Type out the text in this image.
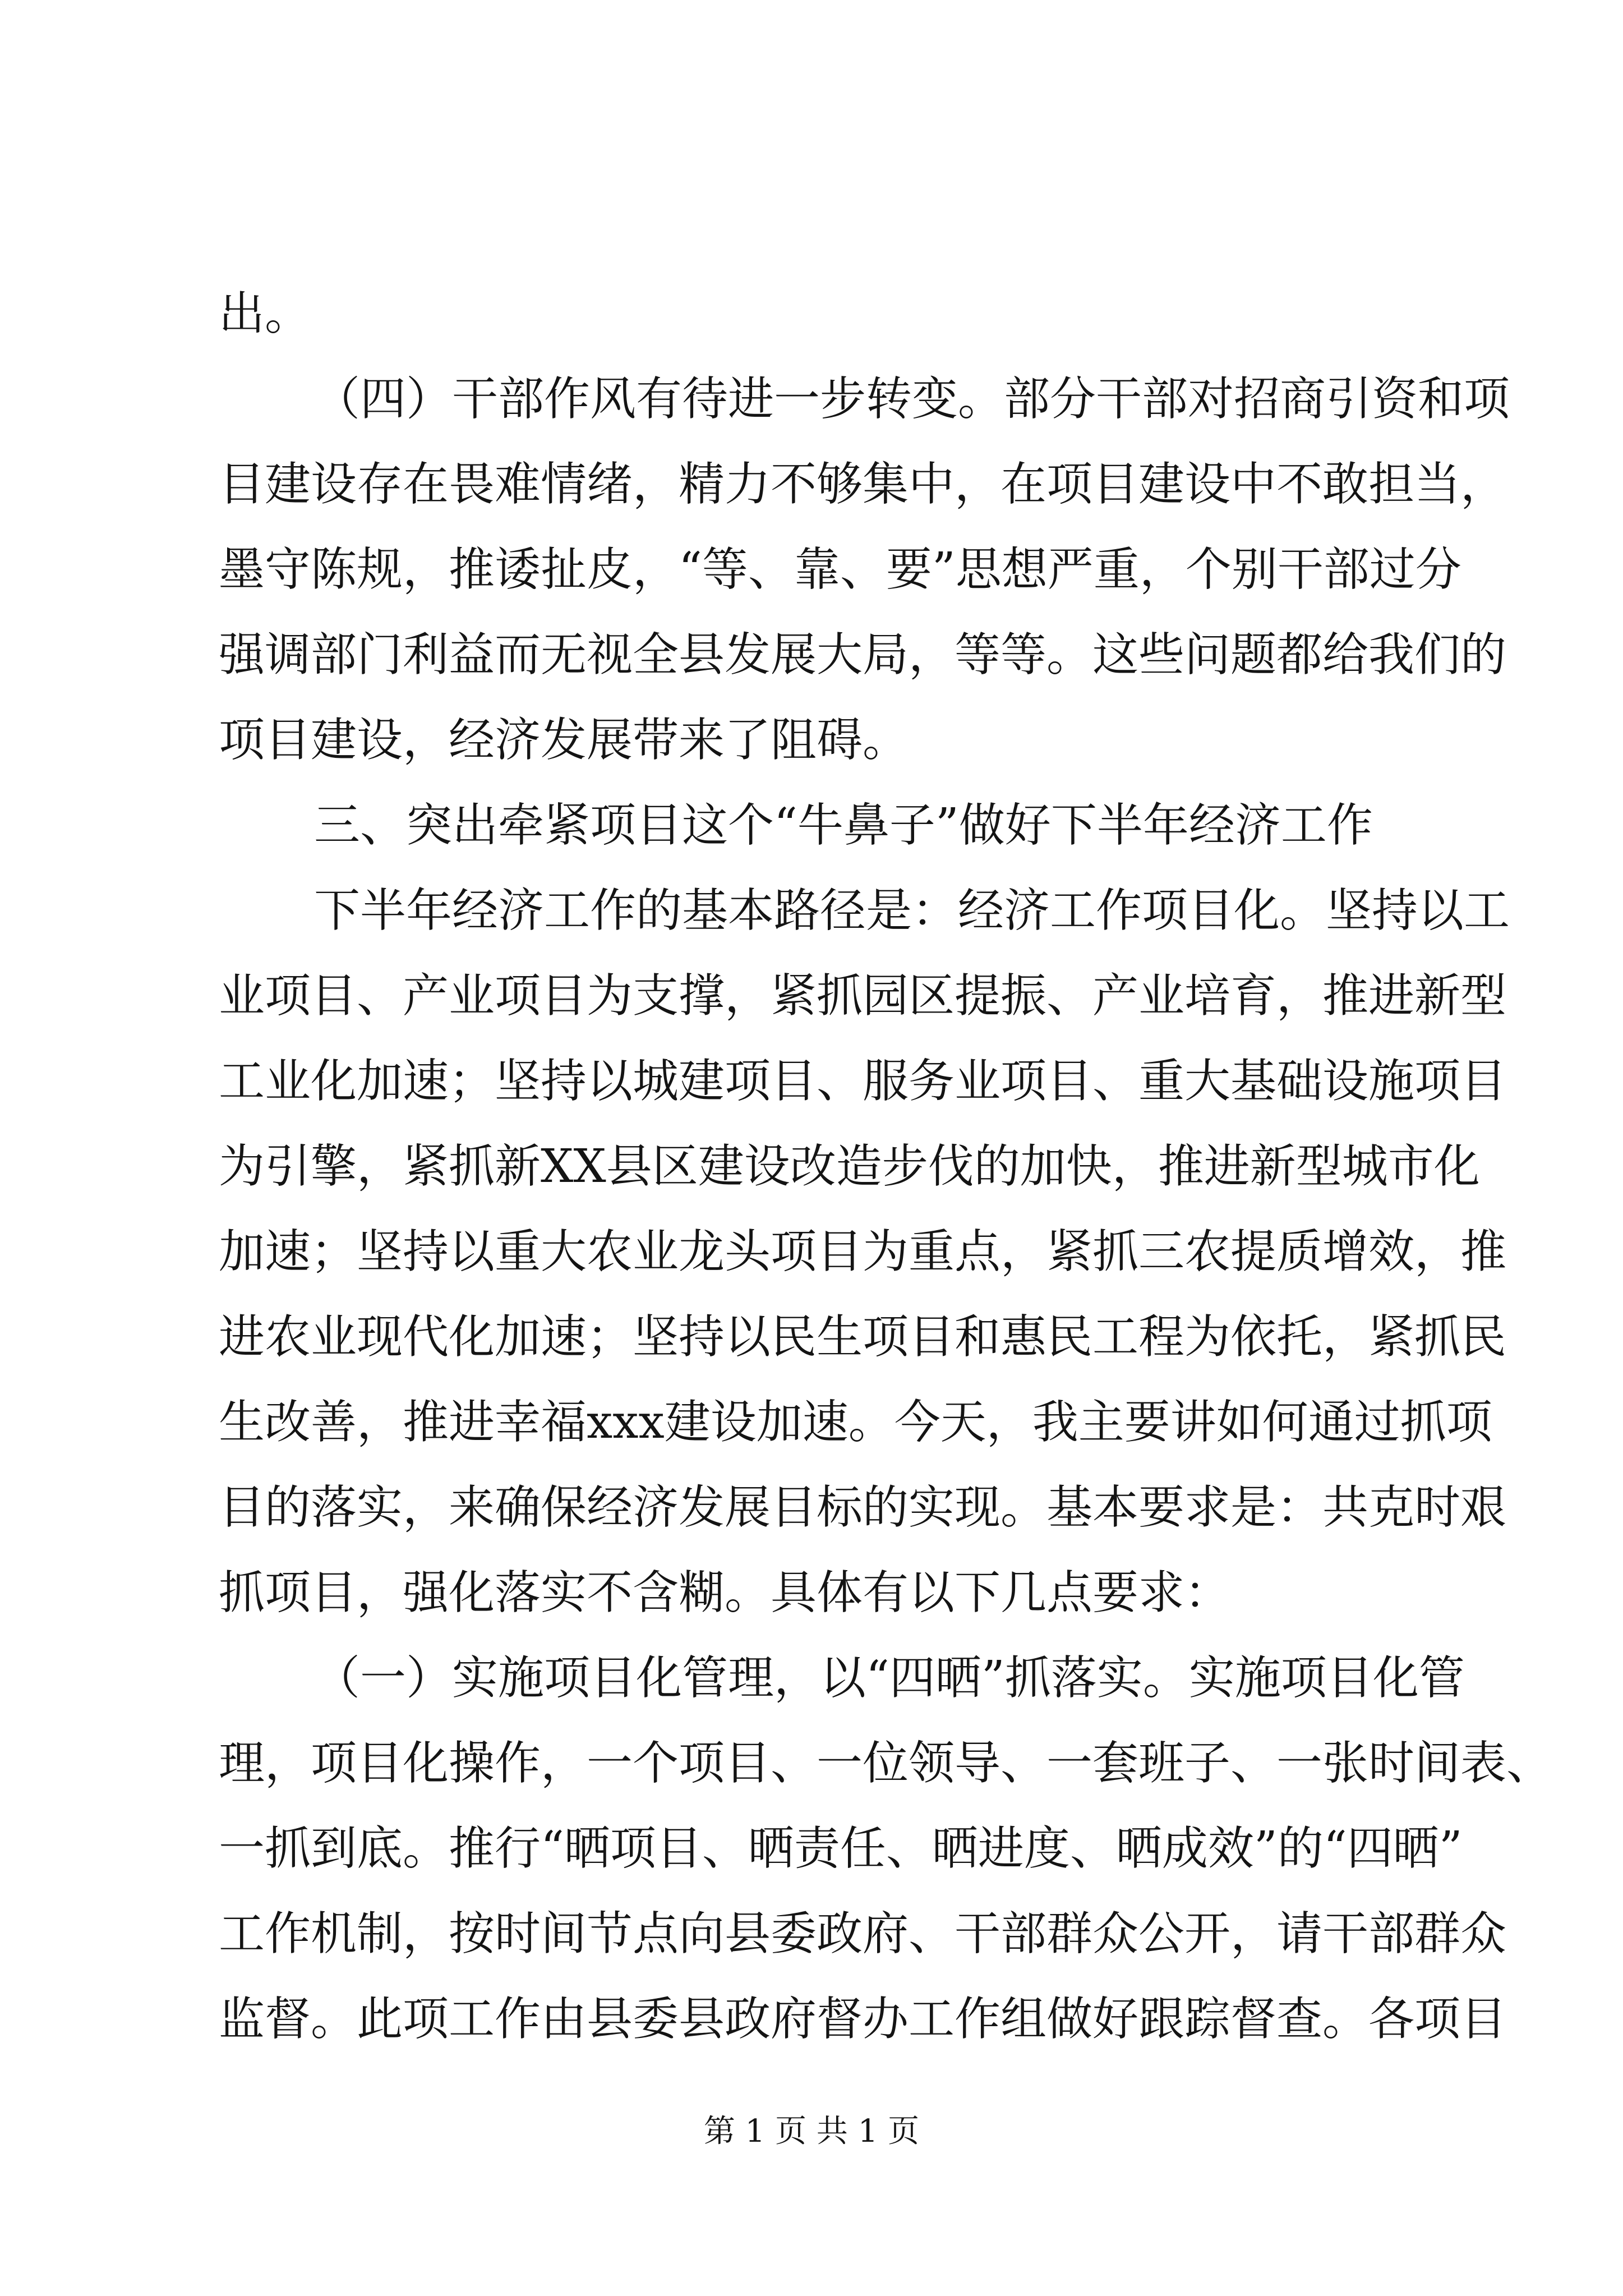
出。
（四）干部作风有待进一步转变。部分干部对招商引资和项
目建设存在畏难情绪，精力不够集中，在项目建设中不敢担当，
墨守陈规，推诿扯皮，“等、靠、要”思想严重，个别干部过分
强调部门利益而无视全县发展大局，等等。这些问题都给我们的
项目建设，经济发展带来了阻碍。
三、突出牵紧项目这个“牛鼻子”做好下半年经济工作
下半年经济工作的基本路径是：经济工作项目化。坚持以工
业项目、产业项目为支撑，紧抓园区提振、产业培育，推进新型
工业化加速；坚持以城建项目、服务业项目、重大基础设施项目
为引擎，紧抓新XX县区建设改造步伐的加快，推进新型城市化
加速；坚持以重大农业龙头项目为重点，紧抓三农提质增效，推
进农业现代化加速；坚持以民生项目和惠民工程为依托，紧抓民
生改善，推进幸福xxx建设加速。今天，我主要讲如何通过抓项
目的落实，来确保经济发展目标的实现。基本要求是：共克时艰
抓项目，强化落实不含糊。具体有以下几点要求：
（一）实施项目化管理，以“四晒”抓落实。实施项目化管
理，项目化操作，一个项目、一位领导、一套班子、一张时间表、
一抓到底。推行“晒项目、晒责任、晒进度、晒成效”的“四晒”
工作机制，按时间节点向县委政府、干部群众公开，请干部群众
监督。此项工作由县委县政府督办工作组做好跟踪督查。各项目
第 1 页 共 1 页
